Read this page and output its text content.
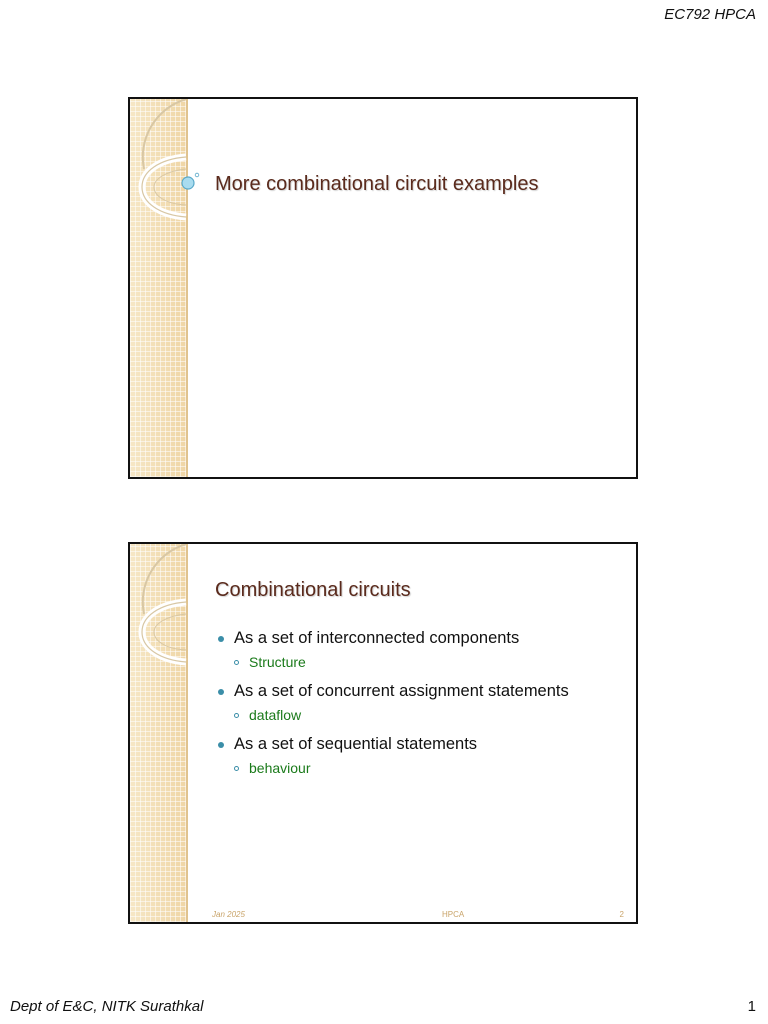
EC792 HPCA
More combinational circuit examples
Combinational circuits
As a set of interconnected components
Structure
As a set of concurrent assignment statements
dataflow
As a set of sequential statements
behaviour
Jan 2025	HPCA	2
Dept of E&C, NITK Surathkal	1
